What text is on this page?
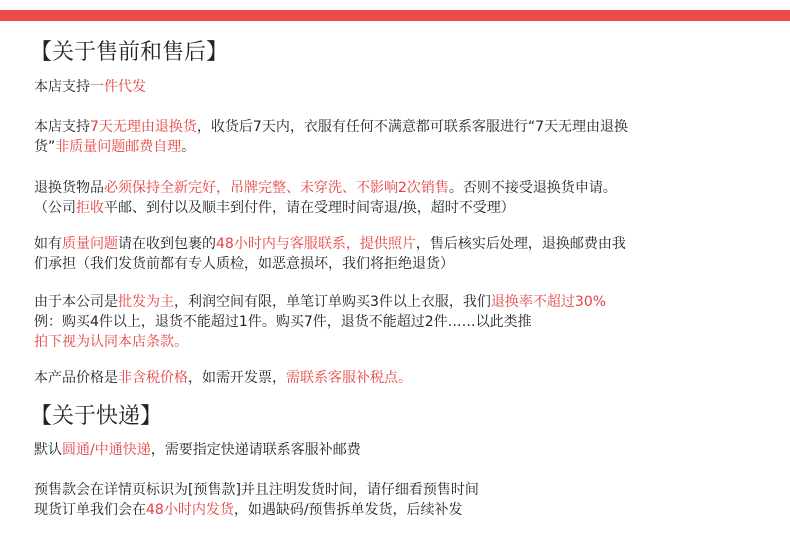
【关于售前和售后】
本店支持一件代发
本店支持7天无理由退换货，收货后7天内，衣服有任何不满意都可联系客服进行“7天无理由退换
货”非质量问题邮费自理。
退换货物品必须保持全新完好，吊牌完整、未穿洗、不影响2次销售。否则不接受退换货申请。
（公司拒收平邮、到付以及顺丰到付件，请在受理时间寄退/换，超时不受理）
如有质量问题请在收到包裹的48小时内与客服联系，提供照片，售后核实后处理，退换邮费由我
们承担（我们发货前都有专人质检，如恶意损坏，我们将拒绝退货）
由于本公司是批发为主，利润空间有限，单笔订单购买3件以上衣服，我们退换率不超过30%
例：购买4件以上，退货不能超过1件。购买7件，退货不能超过2件……以此类推
拍下视为认同本店条款。
本产品价格是非含税价格，如需开发票，需联系客服补税点。
【关于快递】
默认圆通/中通快递，需要指定快递请联系客服补邮费
预售款会在详情页标识为[预售款]并且注明发货时间，请仔细看预售时间
现货订单我们会在48小时内发货，如遇缺码/预售拆单发货，后续补发
